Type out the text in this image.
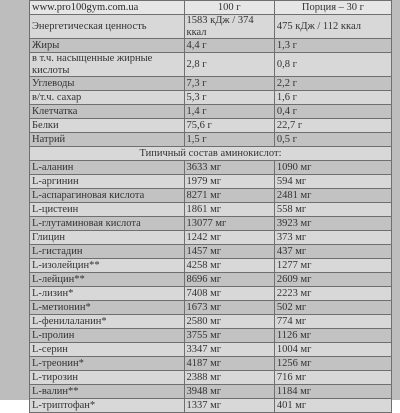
www.pro100gym.com.ua	100 г	Порция – 30 г
Энергетическая ценность	1583 кДж / 374 ккал	475 кДж / 112 ккал
Жиры	4,4 г	1,3 г
в т.ч. насыщенные жирные кислоты	2,8 г	0,8 г
Углеводы	7,3 г	2,2 г
в/т.ч. сахар	5,3 г	1,6 г
Клетчатка	1,4 г	0,4 г
Белки	75,6 г	22,7 г
Натрий	1,5 г	0,5 г
Типичный состав аминокислот:		
L-аланин	3633 мг	1090 мг
L-аргинин	1979 мг	594 мг
L-аспарагиновая кислота	8271 мг	2481 мг
L-цистеин	1861 мг	558 мг
L-глутаминовая кислота	13077 мг	3923 мг
Глицин	1242 мг	373 мг
L-гистадин	1457 мг	437 мг
L-изолейцин**	4258 мг	1277 мг
L-лейцин**	8696 мг	2609 мг
L-лизин*	7408 мг	2223 мг
L-метионин*	1673 мг	502 мг
L-фенилаланин*	2580 мг	774 мг
L-пролин	3755 мг	1126 мг
L-серин	3347 мг	1004 мг
L-треонин*	4187 мг	1256 мг
L-тирозин	2388 мг	716 мг
L-валин**	3948 мг	1184 мг
L-триптофан*	1337 мг	401 мг
